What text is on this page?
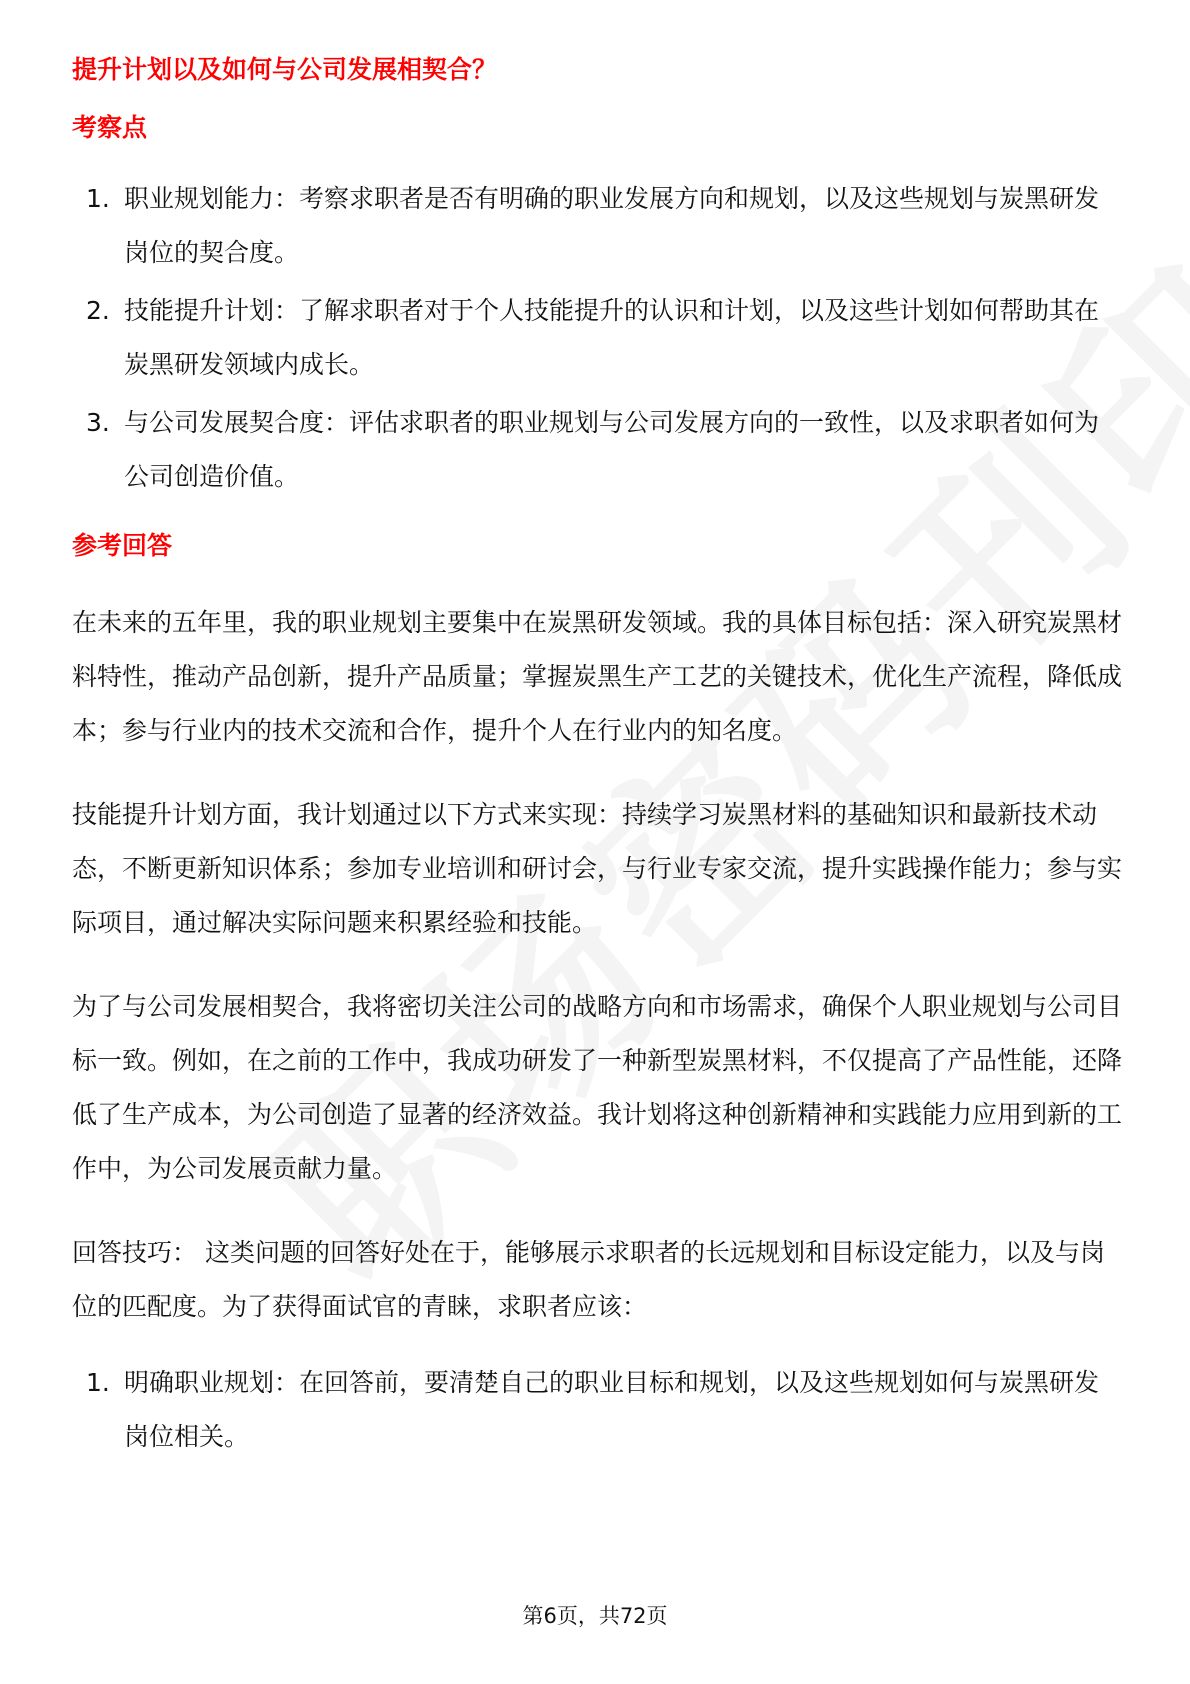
提升计划以及如何与公司发展相契合？
考察点
1. 职业规划能力：考察求职者是否有明确的职业发展方向和规划，以及这些规划与炭黑研发岗位的契合度。
2. 技能提升计划：了解求职者对于个人技能提升的认识和计划，以及这些计划如何帮助其在炭黑研发领域内成长。
3. 与公司发展契合度：评估求职者的职业规划与公司发展方向的一致性，以及求职者如何为公司创造价值。
参考回答

在未来的五年里，我的职业规划主要集中在炭黑研发领域。我的具体目标包括：深入研究炭黑材料特性，推动产品创新，提升产品质量；掌握炭黑生产工艺的关键技术，优化生产流程，降低成本；参与行业内的技术交流和合作，提升个人在行业内的知名度。

技能提升计划方面，我计划通过以下方式来实现：持续学习炭黑材料的基础知识和最新技术动态，不断更新知识体系；参加专业培训和研讨会，与行业专家交流，提升实践操作能力；参与实际项目，通过解决实际问题来积累经验和技能。

为了与公司发展相契合，我将密切关注公司的战略方向和市场需求，确保个人职业规划与公司目标一致。例如，在之前的工作中，我成功研发了一种新型炭黑材料，不仅提高了产品性能，还降低了生产成本，为公司创造了显著的经济效益。我计划将这种创新精神和实践能力应用到新的工作中，为公司发展贡献力量。

回答技巧： 这类问题的回答好处在于，能够展示求职者的长远规划和目标设定能力，以及与岗位的匹配度。为了获得面试官的青睐，求职者应该：

1. 明确职业规划：在回答前，要清楚自己的职业目标和规划，以及这些规划如何与炭黑研发岗位相关。
第6页，共72页
